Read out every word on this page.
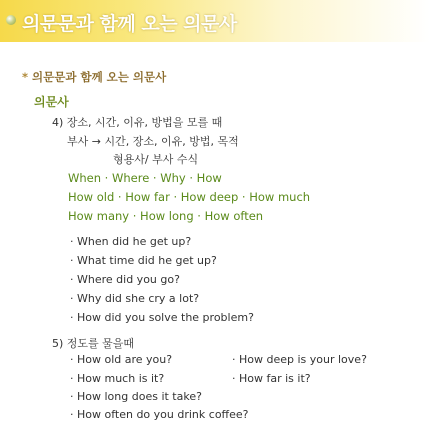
의문문과 함께 오는 의문사
* 의문문과 함께 오는 의문사
의문사
4) 장소, 시간, 이유, 방법을 모를 때
부사 → 시간, 장소, 이유, 방법, 목적
형용사/ 부사 수식
When · Where · Why · How
How old · How far · How deep · How much
How many · How long · How often
· When did he get up?
· What time did he get up?
· Where did you go?
· Why did she cry a lot?
· How did you solve the problem?
5) 정도를 물을때
· How old are you?
· How much is it?
· How long does it take?
· How often do you drink coffee?
· How deep is your love?
· How far is it?
